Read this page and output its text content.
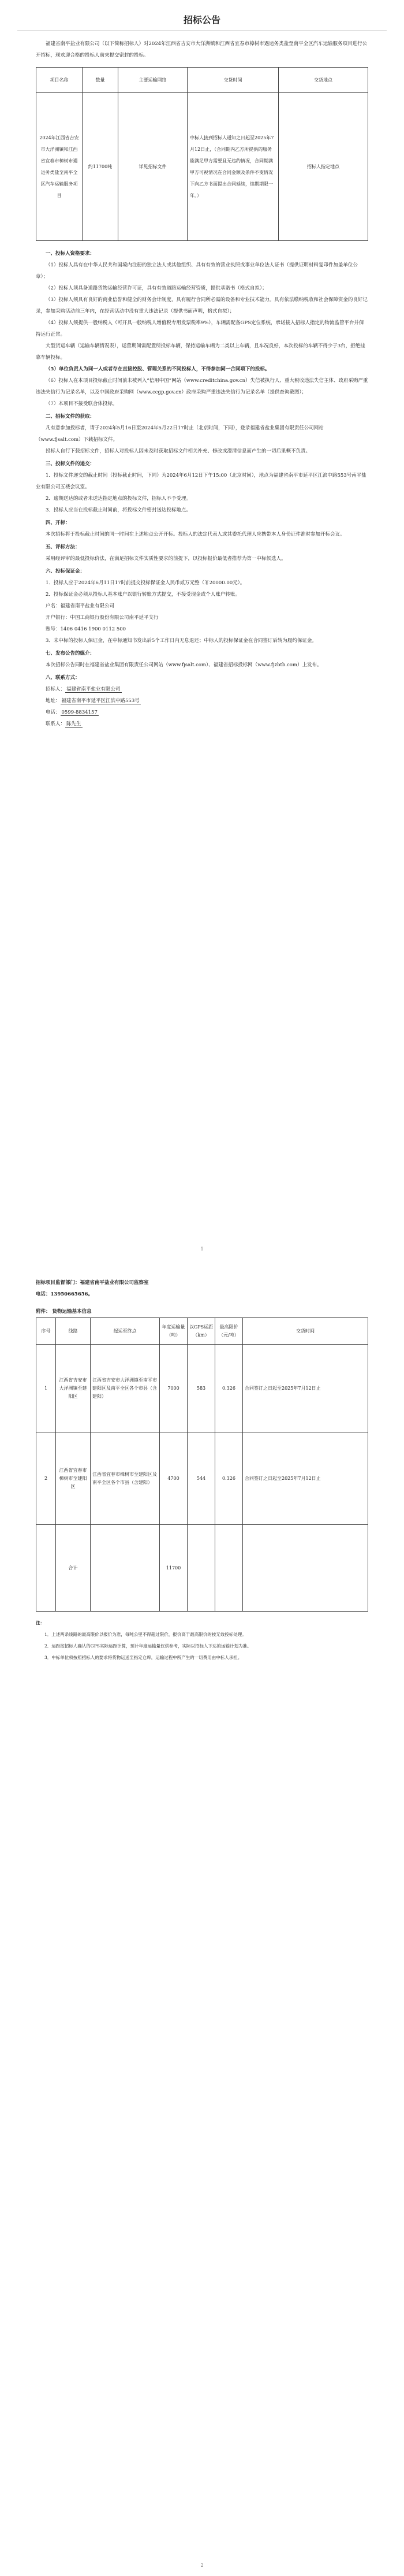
招标公告
福建省南平盐业有限公司（以下简称招标人）对2024年江西省吉安市大洋洲镇和江西省宜春市樟树市遇运务类盐至南平全区汽车运输服务项目进行公开招标，现欢迎合格的投标人前来提交密封的投标。
项目名称	数量	主要运输网络	交货时间	交货地点
2024年江西省吉安市大洋洲镇和江西省宜春市樟树市遇运务类盐至南平全区汽车运输服务项目	约11700吨	详见招标文件	中标人接到招标人通知之日起至2025年7月12日止，（合同期内乙方所提供的服务能满足甲方需要且无违约情况，合同期满甲方可视情况在合同金额及条件不变情况下向乙方书面提出合同延续，续期期限一年。）	招标人指定地点
一、投标人资格要求：
（1）投标人具有在中华人民共和国境内注册的独立法人或其他组织、具有有效的营业执照或事业单位法人证书（提供证明材料复印件加盖单位公章）；
（2）投标人须具备道路货物运输经营许可证，具有有效道路运输经营资质，提供承诺书（格式自拟）；
（3）投标人须具有良好的商业信誉和健全的财务会计制度，具有履行合同所必需的设备和专业技术能力。具有依法缴纳税收和社会保障资金的良好记录，参加采购活动前三年内，在经营活动中没有重大违法记录（提供书面声明，格式自拟）；
（4）投标人须提供一般纳税人（可开具一般纳税人增值税专用发票税率9%），车辆需配备GPS定位系统，承诺接入招标人指定的物流监管平台并保持运行正常。
大型货运车辆（运输车辆情况表），运营期间需配置所投标车辆，保持运输车辆为二类以上车辆，且车况良好，本次投标的车辆不得少于3台，拒绝挂靠车辆投标。
（5）单位负责人为同一人或者存在直接控股、管理关系的不同投标人，不得参加同一合同项下的投标。
（6）投标人在本项目投标截止时间前未被列入“信用中国”网站（www.creditchina.gov.cn）失信被执行人、重大税收违法失信主体、政府采购严重违法失信行为记录名单，以及中国政府采购网（www.ccgp.gov.cn）政府采购严重违法失信行为记录名单（提供查询截图）；
（7）本项目不接受联合体投标。
二、招标文件的获取：
凡有意参加投标者，请于2024年5月16日至2024年5月22日17时止（北京时间，下同），登录福建省盐业集团有限责任公司网站（www.fjsalt.com）下载招标文件。
投标人自行下载招标文件，招标人对投标人因未及时获取招标文件相关补充、修改或澄清信息而产生的一切后果概不负责。
三、投标文件的递交：
1．投标文件递交的截止时间（投标截止时间，下同）为2024年6月12日下午15:00（北京时间），地点为福建省南平市延平区江滨中路553号南平盐业有限公司五楼会议室。
2．逾期送达的或者未送达指定地点的投标文件，招标人不予受理。
3．投标人应当在投标截止时间前，将投标文件密封送达投标地点。
四、开标：
本次招标将于投标截止时间的同一时间在上述地点公开开标。投标人的法定代表人或其委托代理人应携带本人身份证件准时参加开标会议。
五、评标方法：
采用经评审的最低投标价法，在满足招标文件实质性要求的前提下，以投标报价最低者推荐为第一中标候选人。
六、投标保证金：
1．投标人应于2024年6月11日17时前提交投标保证金人民币贰万元整（￥20000.00元）。
2．投标保证金必须从投标人基本账户以银行转账方式提交，不接受现金或个人账户转账。
户名：福建省南平盐业有限公司
开户银行：中国工商银行股份有限公司南平延平支行
账号：1406 0416 1900 0112 500
3．未中标的投标人保证金，在中标通知书发出后5个工作日内无息退还；中标人的投标保证金在合同签订后转为履约保证金。
七、发布公告的媒介：
本次招标公告同时在福建省盐业集团有限责任公司网站（www.fjsalt.com）、福建省招标投标网（www.fjzbtb.com）上发布。
八、联系方式：
招标人： 福建省南平盐业有限公司
地址： 福建省南平市延平区江滨中路553号
电话： 0599-8834157
联系人： 陈先生
1
招标项目监督部门：福建省南平盐业有限公司监察室
电话：13950665656。
附件： 货物运输基本信息
序号	线路	起运至终点	年度运输量（吨）	以GPS运距（km）	最高限价（元/吨）	交货时间
1	江西省吉安市大洋洲镇至建阳区	江西省吉安市大洋洲镇至南平市建阳区及南平全区各个市县（含建阳）	7000	583	0.326	合同签订之日起至2025年7月12日止
2	江西省宜春市樟树市至建阳区	江西省宜春市樟树市至建阳区及南平全区各个市县（含建阳）	4700	544	0.326	合同签订之日起至2025年7月12日止
	合计		11700			
注：
1．上述两条线路的最高限价以报价为准，每吨公里不得超过限价，报价高于最高限价的按无效投标处理。
2．运距按招标人确认的GPS实际运距计算，预计年度运输量仅供参考，实际以招标人下达的运输计划为准。
3．中标单位须按照招标人的要求将货物运送至指定仓库，运输过程中所产生的一切费用由中标人承担。
2
